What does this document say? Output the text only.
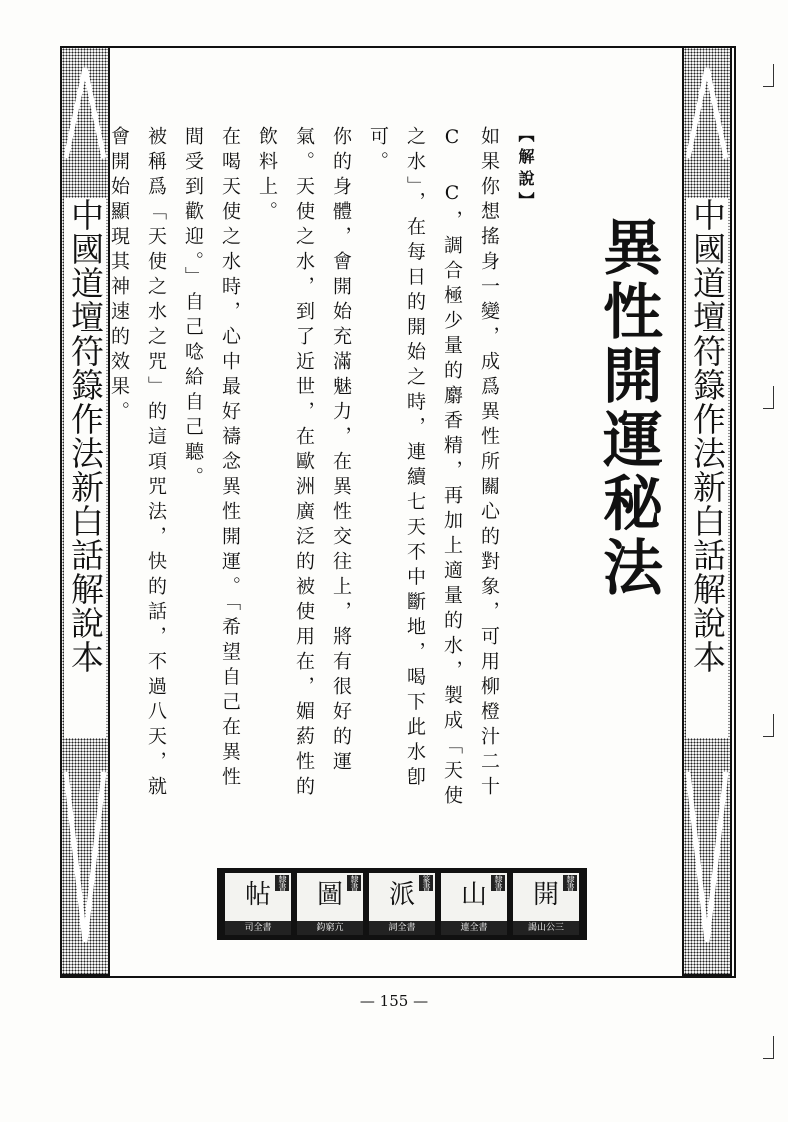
中國道壇符籙作法新白話解說本	中國道壇符籙作法新白話解說本
異性開運秘法

【解說】

如果你想搖身一變，成爲異性所關心的對象，可用柳橙汁二十C C，調合極少量的麝香精，再加上適量的水，製成「天使之水」，在每日的開始之時，連續七天不中斷地，喝下此水卽可。

你的身體，會開始充滿魅力，在異性交往上，將有很好的運氣。天使之水，到了近世，在歐洲廣泛的被使用在，媚葯性的飲料上。

在喝天使之水時，心中最好禱念異性開運。「希望自己在異性間受到歡迎。」自己唸給自己聽。

被稱爲「天使之水之咒」的這項咒法，快的話，不過八天，就會開始顯現其神速的效果。

帖 隸書
司全書
圖 隸書
鈞窮亢
派 篆書
詞全書
山 隸書
連全書
開 隸書
謁山公三
— 155 —
